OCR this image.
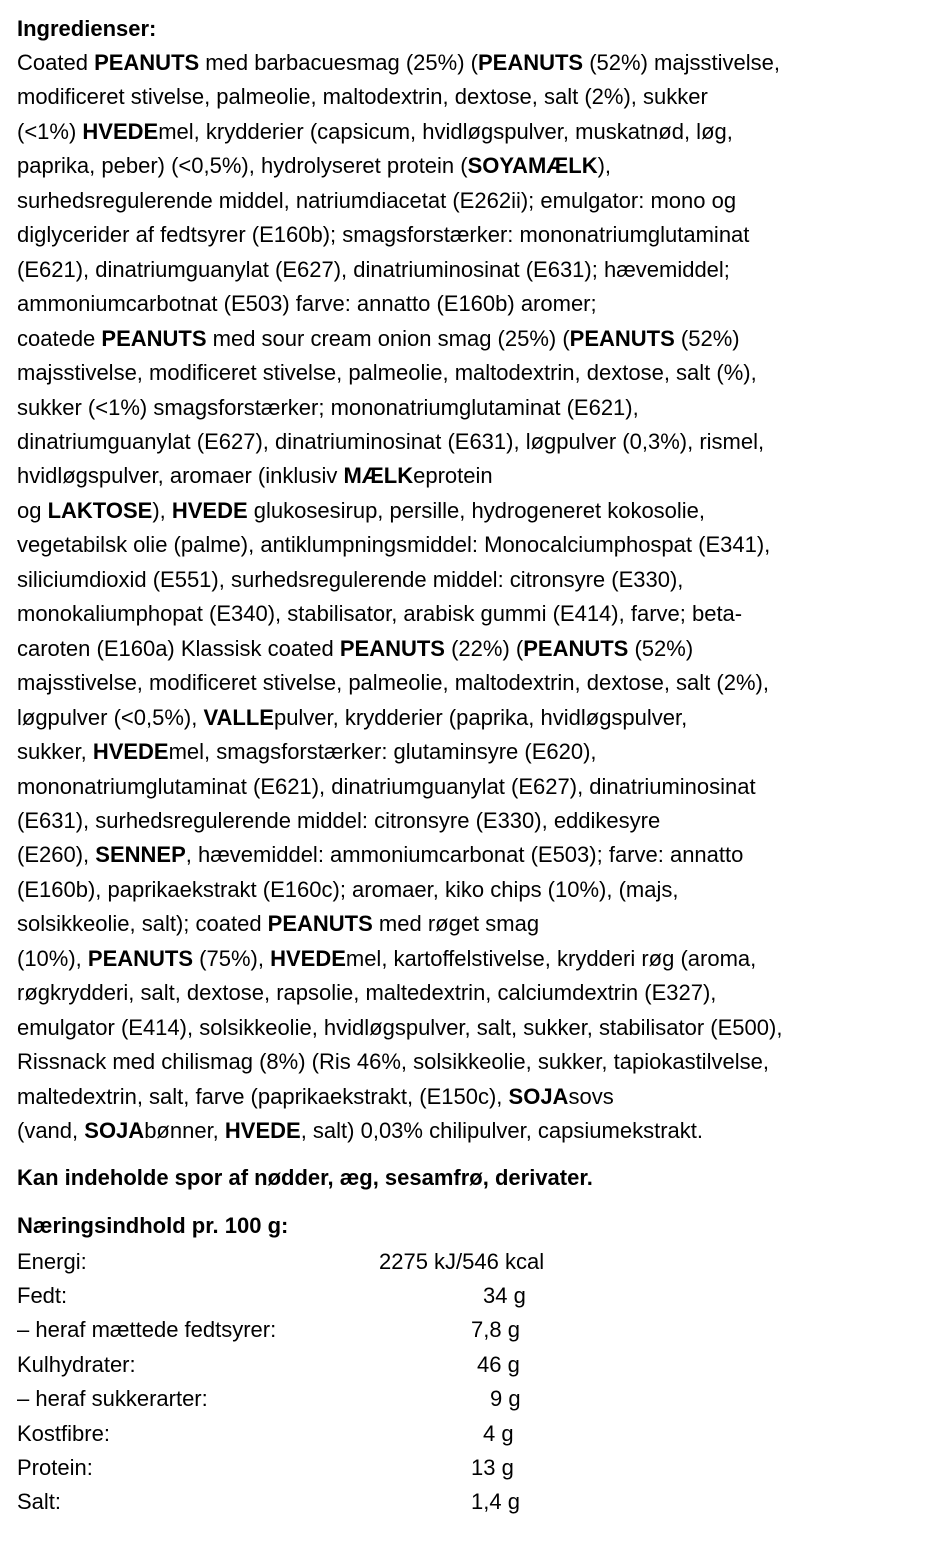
Ingredienser:

Coated PEANUTS med barbacuesmag (25%) (PEANUTS (52%) majsstivelse,
modificeret stivelse, palmeolie, maltodextrin, dextose, salt (2%), sukker
(<1%) HVEDEmel, krydderier (capsicum, hvidløgspulver, muskatnød, løg,
paprika, peber) (<0,5%), hydrolyseret protein (SOYAMÆLK),
surhedsregulerende middel, natriumdiacetat (E262ii); emulgator: mono og
diglycerider af fedtsyrer (E160b); smagsforstærker: mononatriumglutaminat
(E621), dinatriumguanylat (E627), dinatriuminosinat (E631); hævemiddel;
ammoniumcarbotnat (E503) farve: annatto (E160b) aromer;
coatede PEANUTS med sour cream onion smag (25%) (PEANUTS (52%)
majsstivelse, modificeret stivelse, palmeolie, maltodextrin, dextose, salt (%),
sukker (<1%) smagsforstærker; mononatriumglutaminat (E621),
dinatriumguanylat (E627), dinatriuminosinat (E631), løgpulver (0,3%), rismel,
hvidløgspulver, aromaer (inklusiv MÆLKeprotein
og LAKTOSE), HVEDE glukosesirup, persille, hydrogeneret kokosolie,
vegetabilsk olie (palme), antiklumpningsmiddel: Monocalciumphospat (E341),
siliciumdioxid (E551), surhedsregulerende middel: citronsyre (E330),
monokaliumphopat (E340), stabilisator, arabisk gummi (E414), farve; beta-
caroten (E160a) Klassisk coated PEANUTS (22%) (PEANUTS (52%)
majsstivelse, modificeret stivelse, palmeolie, maltodextrin, dextose, salt (2%),
løgpulver (<0,5%), VALLEpulver, krydderier (paprika, hvidløgspulver,
sukker, HVEDEmel, smagsforstærker: glutaminsyre (E620),
mononatriumglutaminat (E621), dinatriumguanylat (E627), dinatriuminosinat
(E631), surhedsregulerende middel: citronsyre (E330), eddikesyre
(E260), SENNEP, hævemiddel: ammoniumcarbonat (E503); farve: annatto
(E160b), paprikaekstrakt (E160c); aromaer, kiko chips (10%), (majs,
solsikkeolie, salt); coated PEANUTS med røget smag
(10%), PEANUTS (75%), HVEDEmel, kartoffelstivelse, krydderi røg (aroma,
røgkrydderi, salt, dextose, rapsolie, maltedextrin, calciumdextrin (E327),
emulgator (E414), solsikkeolie, hvidløgspulver, salt, sukker, stabilisator (E500),
Rissnack med chilismag (8%) (Ris 46%, solsikkeolie, sukker, tapiokastilvelse,
maltedextrin, salt, farve (paprikaekstrakt, (E150c), SOJAsovs
(vand, SOJAbønner, HVEDE, salt) 0,03% chilipulver, capsiumekstrakt.

Kan indeholde spor af nødder, æg, sesamfrø, derivater.

Næringsindhold pr. 100 g:

Energi:	2275 kJ/546 kcal
Fedt:	34 g
– heraf mættede fedtsyrer:	7,8 g
Kulhydrater:	46 g
– heraf sukkerarter:	9 g
Kostfibre:	4 g
Protein:	13 g
Salt:	1,4 g
